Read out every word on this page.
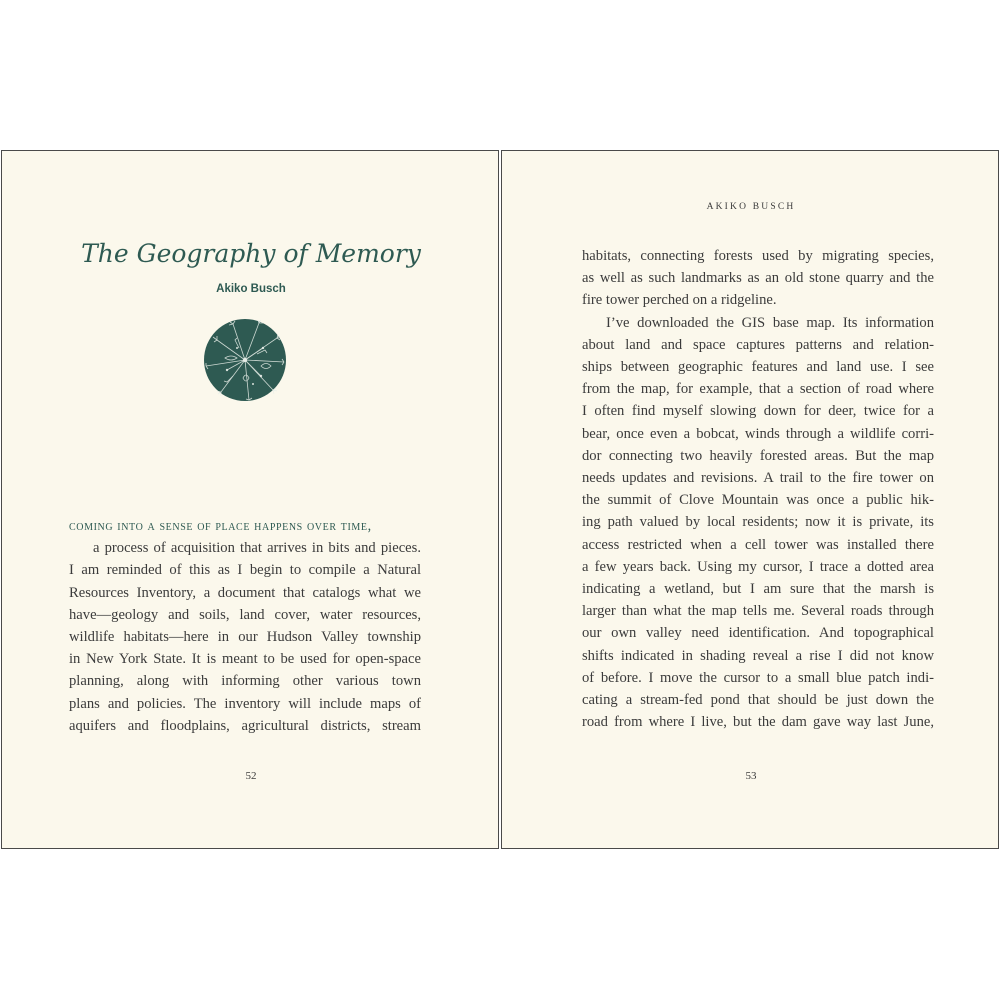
The Geography of Memory
Akiko Busch
coming into a sense of place happens over time,
a process of acquisition that arrives in bits and pieces.
I am reminded of this as I begin to compile a Natural
Resources Inventory, a document that catalogs what we
have—geology and soils, land cover, water resources,
wildlife habitats—here in our Hudson Valley township
in New York State. It is meant to be used for open-space
planning, along with informing other various town
plans and policies. The inventory will include maps of
aquifers and floodplains, agricultural districts, stream
52
AKIKO BUSCH
habitats, connecting forests used by migrating species,
as well as such landmarks as an old stone quarry and the
fire tower perched on a ridgeline.
I’ve downloaded the GIS base map. Its information
about land and space captures patterns and relation-
ships between geographic features and land use. I see
from the map, for example, that a section of road where
I often find myself slowing down for deer, twice for a
bear, once even a bobcat, winds through a wildlife corri-
dor connecting two heavily forested areas. But the map
needs updates and revisions. A trail to the fire tower on
the summit of Clove Mountain was once a public hik-
ing path valued by local residents; now it is private, its
access restricted when a cell tower was installed there
a few years back. Using my cursor, I trace a dotted area
indicating a wetland, but I am sure that the marsh is
larger than what the map tells me. Several roads through
our own valley need identification. And topographical
shifts indicated in shading reveal a rise I did not know
of before. I move the cursor to a small blue patch indi-
cating a stream-fed pond that should be just down the
road from where I live, but the dam gave way last June,
53
